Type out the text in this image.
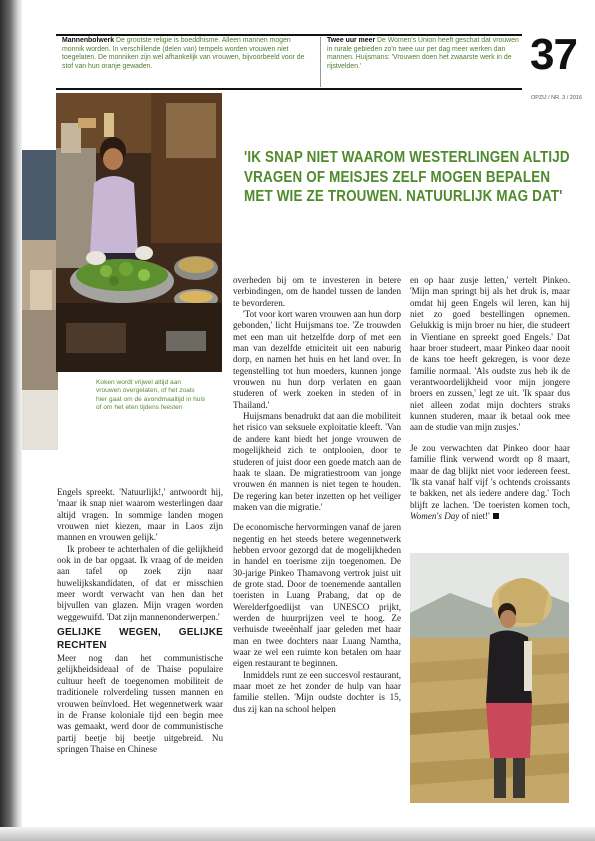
Mannenbolwerk De grootste religie is boeddhisme. Alleen mannen mogen monnik worden. In verschillende (delen van) tempels worden vrouwen niet toegelaten. De monniken zijn wel afhankelijk van vrouwen, bijvoorbeeld voor de stof van hun oranje gewaden.
Twee uur meer De Women's Union heeft geschat dat vrouwen in rurale gebieden zo'n twee uur per dag meer werken dan mannen. Huijsmans: 'Vrouwen doen het zwaarste werk in de rijstvelden.'	37
OPZIJ / NR. 3 / 2016
Koken wordt vrijwel altijd aan vrouwen overgelaten, of het zoals hier gaat om de avondmaaltijd in huis of om het eten tijdens feesten
'IK SNAP NIET WAAROM WESTERLINGEN ALTIJD
VRAGEN OF MEISJES ZELF MOGEN BEPALEN
MET WIE ZE TROUWEN. NATUURLIJK MAG DAT'

Engels spreekt. 'Natuurlijk!,' antwoordt hij, 'maar ik snap niet waarom westerlingen daar altijd vragen. In sommige landen mogen vrouwen niet kiezen, maar in Laos zijn mannen en vrouwen gelijk.'

Ik probeer te achterhalen of die gelijkheid ook in de bar opgaat. Ik vraag of de meiden aan tafel op zoek zijn naar huwelijkskandidaten, of dat er misschien meer wordt verwacht van hen dan het bijvullen van glazen. Mijn vragen worden weggewuifd. 'Dat zijn mannenonderwerpen.'

GELIJKE WEGEN, GELIJKE RECHTEN

Meer nog dan het communistische gelijkheidsideaal of de Thaise populaire cultuur heeft de toegenomen mobiliteit de traditionele rolverdeling tussen mannen en vrouwen beïnvloed. Het wegennetwerk waar in de Franse koloniale tijd een begin mee was gemaakt, werd door de communistische partij beetje bij beetje uitgebreid. Nu springen Thaise en Chinese

overheden bij om te investeren in betere verbindingen, om de handel tussen de landen te bevorderen.

'Tot voor kort waren vrouwen aan hun dorp gebonden,' licht Huijsmans toe. 'Ze trouwden met een man uit hetzelfde dorp of met een man van dezelfde etniciteit uit een naburig dorp, en namen het huis en het land over. In tegenstelling tot hun moeders, kunnen jonge vrouwen nu hun dorp verlaten en gaan studeren of werk zoeken in steden of in Thailand.'

Huijsmans benadrukt dat aan die mobiliteit het risico van seksuele exploitatie kleeft. 'Van de andere kant biedt het jonge vrouwen de mogelijkheid zich te ontplooien, door te studeren of juist door een goede match aan de haak te slaan. De migratiestroom van jonge vrouwen én mannen is niet tegen te houden. De regering kan beter inzetten op het veiliger maken van die migratie.'

De economische hervormingen vanaf de jaren negentig en het steeds betere wegennetwerk hebben ervoor gezorgd dat de mogelijkheden in handel en toerisme zijn toegenomen. De 30-jarige Pinkeo Thamavong vertrok juist uit de grote stad. Door de toenemende aantallen toeristen in Luang Prabang, dat op de Werelderfgoedlijst van UNESCO prijkt, werden de huurprijzen veel te hoog. Ze verhuisde tweeënhalf jaar geleden met haar man en twee dochters naar Luang Namtha, waar ze wel een ruimte kon betalen om haar eigen restaurant te beginnen.

Inmiddels runt ze een succesvol restaurant, maar moet ze het zonder de hulp van haar familie stellen. 'Mijn oudste dochter is 15, dus zij kan na school helpen

en op haar zusje letten,' vertelt Pinkeo. 'Mijn man springt bij als het druk is, maar omdat hij geen Engels wil leren, kan hij niet zo goed bestellingen opnemen. Gelukkig is mijn broer nu hier, die studeert in Vientiane en spreekt goed Engels.' Dat haar broer studeert, maar Pinkeo daar nooit de kans toe heeft gekregen, is voor deze familie normaal. 'Als oudste zus heb ik de verantwoordelijkheid voor mijn jongere broers en zussen,' legt ze uit. 'Ik spaar dus niet alleen zodat mijn dochters straks kunnen studeren, maar ik betaal ook mee aan de studie van mijn zusjes.'

Je zou verwachten dat Pinkeo door haar familie flink verwend wordt op 8 maart, maar de dag blijkt niet voor iedereen feest. 'Ik sta vanaf half vijf 's ochtends croissants te bakken, net als iedere andere dag.' Toch blijft ze lachen. 'De toeristen komen toch, Women's Day of niet!'
